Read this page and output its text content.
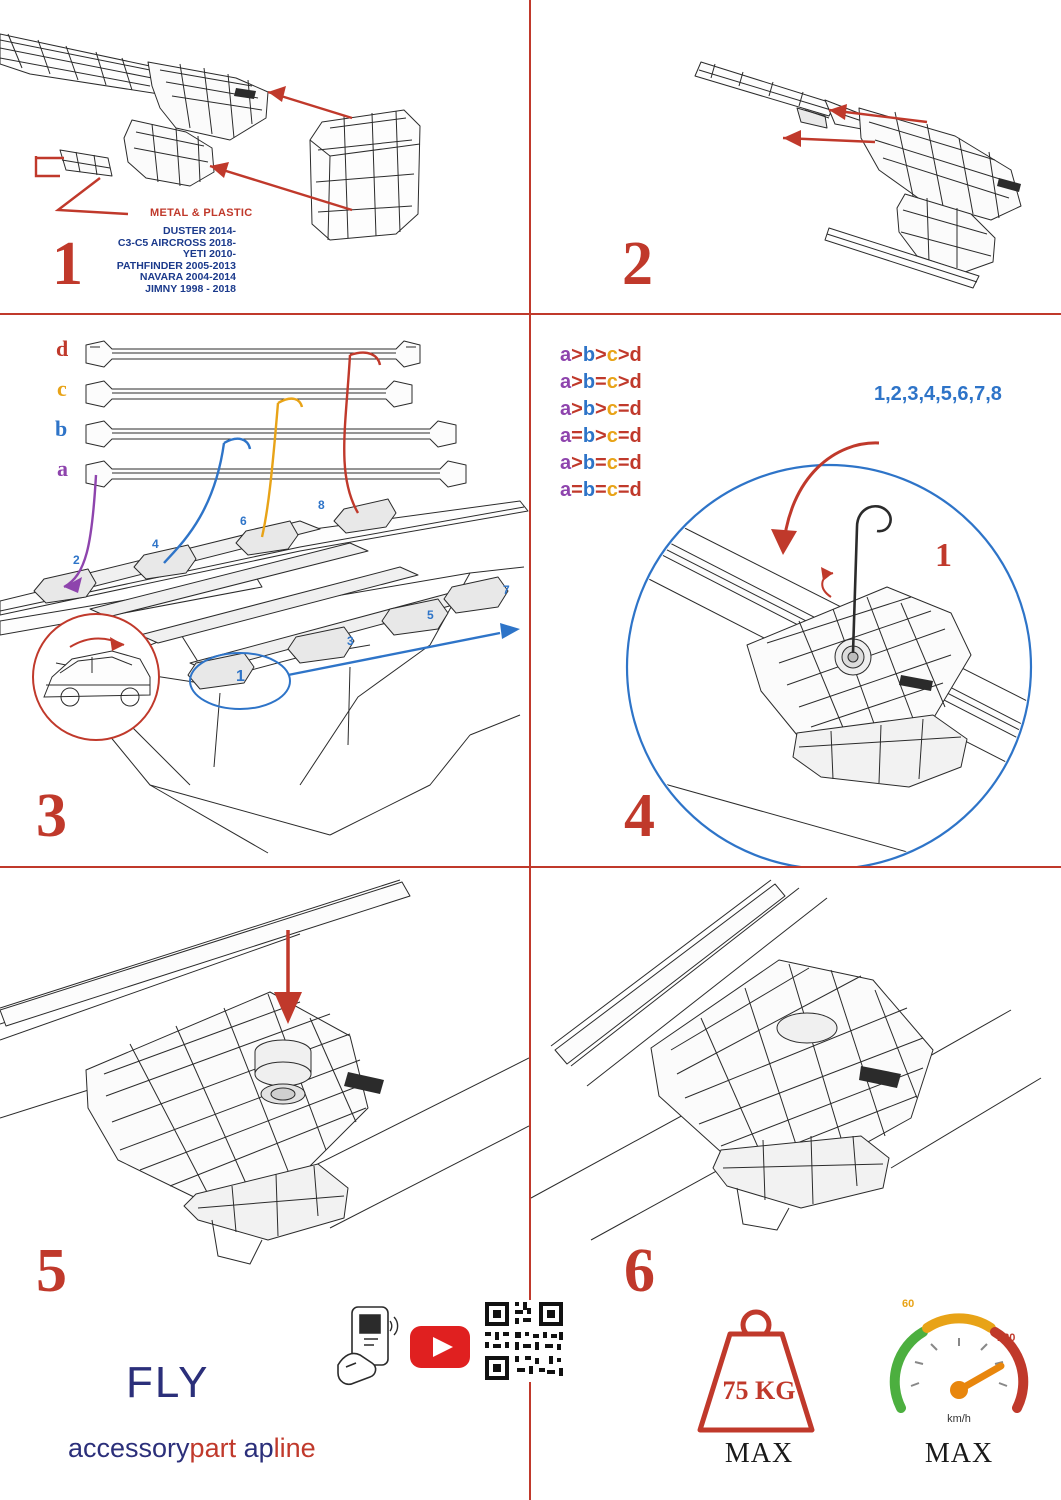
METAL & PLASTIC
DUSTER 2014-
C3-C5 AIRCROSS 2018-
YETI 2010-
PATHFINDER 2005-2013
NAVARA 2004-2014
JIMNY 1998 - 2018
1	2
d
c
b
a
2
4
6
8
7
5
3
1
3
a>b>c>d
a>b=c>d
a>b>c=d
a=b>c=d
a>b=c=d
a=b=c=d
1
1,2,3,4,5,6,7,8
4
5
FLY
accessorypart apline
6
75 KG
MAX
60
120
km/h
MAX
